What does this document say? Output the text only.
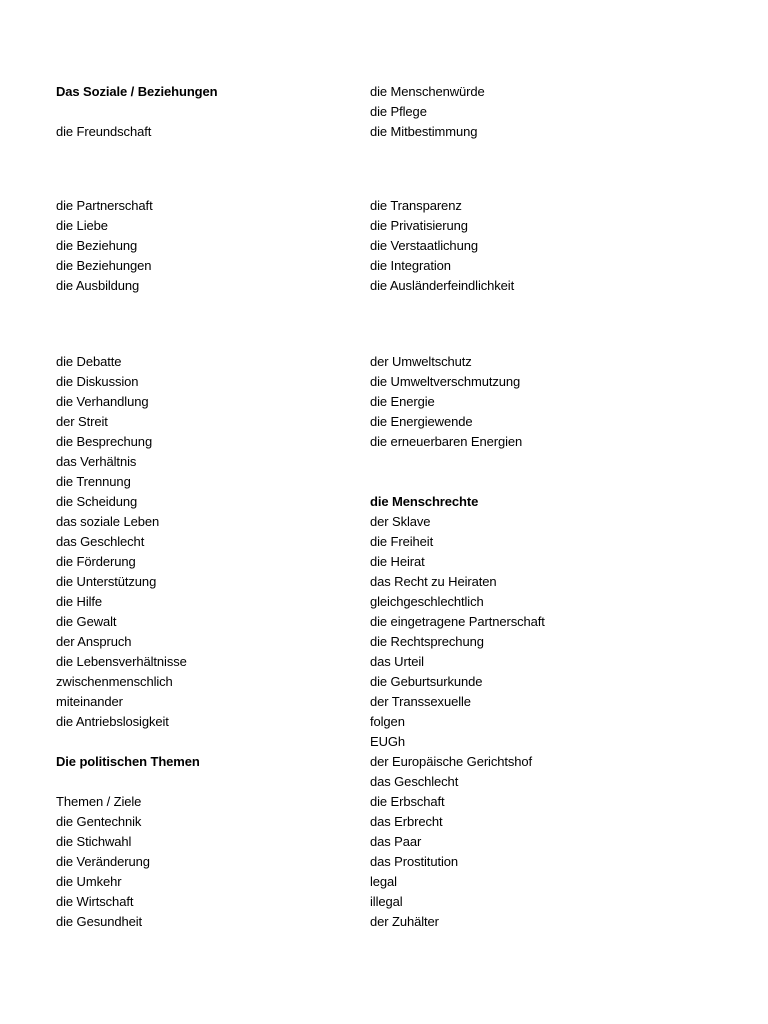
Das Soziale / Beziehungen
die Freundschaft
die Partnerschaft
die Liebe
die Beziehung
die Beziehungen
die Ausbildung
die Debatte
die Diskussion
die Verhandlung
der Streit
die Besprechung
das Verhältnis
die Trennung
die Scheidung
das soziale Leben
das Geschlecht
die Förderung
die Unterstützung
die Hilfe
die Gewalt
der Anspruch
die Lebensverhältnisse
zwischenmenschlich
miteinander
die Antriebslosigkeit
Die politischen Themen
Themen / Ziele
die Gentechnik
die Stichwahl
die Veränderung
die Umkehr
die Wirtschaft
die Gesundheit
die Menschenwürde
die Pflege
die Mitbestimmung
die Transparenz
die Privatisierung
die Verstaatlichung
die Integration
die Ausländerfeindlichkeit
der Umweltschutz
die Umweltverschmutzung
die Energie
die Energiewende
die erneuerbaren Energien
die Menschrechte
der Sklave
die Freiheit
die Heirat
das Recht zu Heiraten
gleichgeschlechtlich
die eingetragene Partnerschaft
die Rechtsprechung
das Urteil
die Geburtsurkunde
der Transsexuelle
folgen
EUGh
der Europäische Gerichtshof
das Geschlecht
die Erbschaft
das Erbrecht
das Paar
das Prostitution
legal
illegal
der Zuhälter
